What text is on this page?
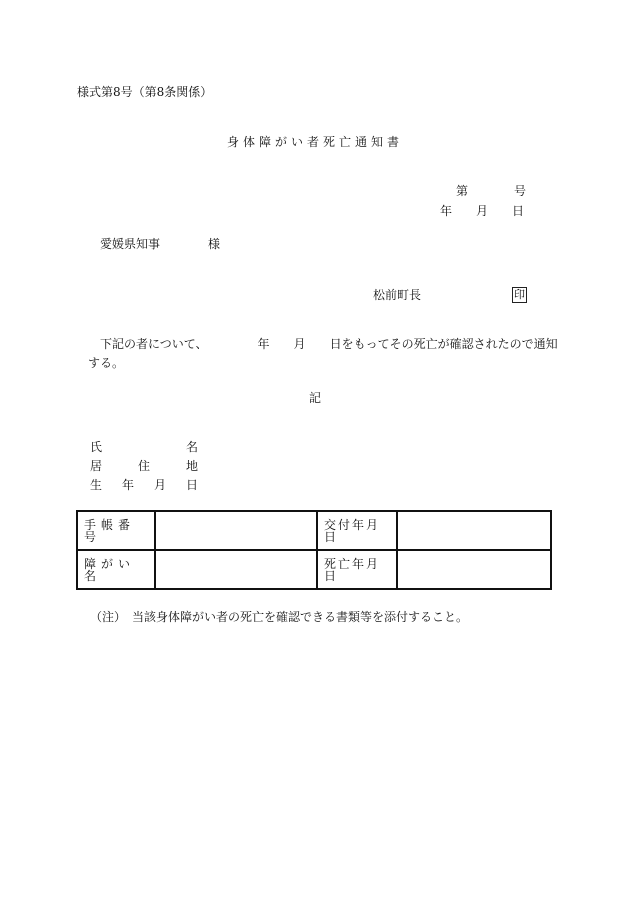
様式第8号（第8条関係）
身体障がい者死亡通知書
第	号
年 月 日
愛媛県知事	様
松前町長	印
下記の者について、	年 月 日をもってその死亡が確認されたので通知
する。
記
氏	名
居	住	地
生 年 月 日
手帳番号		交付年月日	
障がい名		死亡年月日	
（注）　当該身体障がい者の死亡を確認できる書類等を添付すること。
